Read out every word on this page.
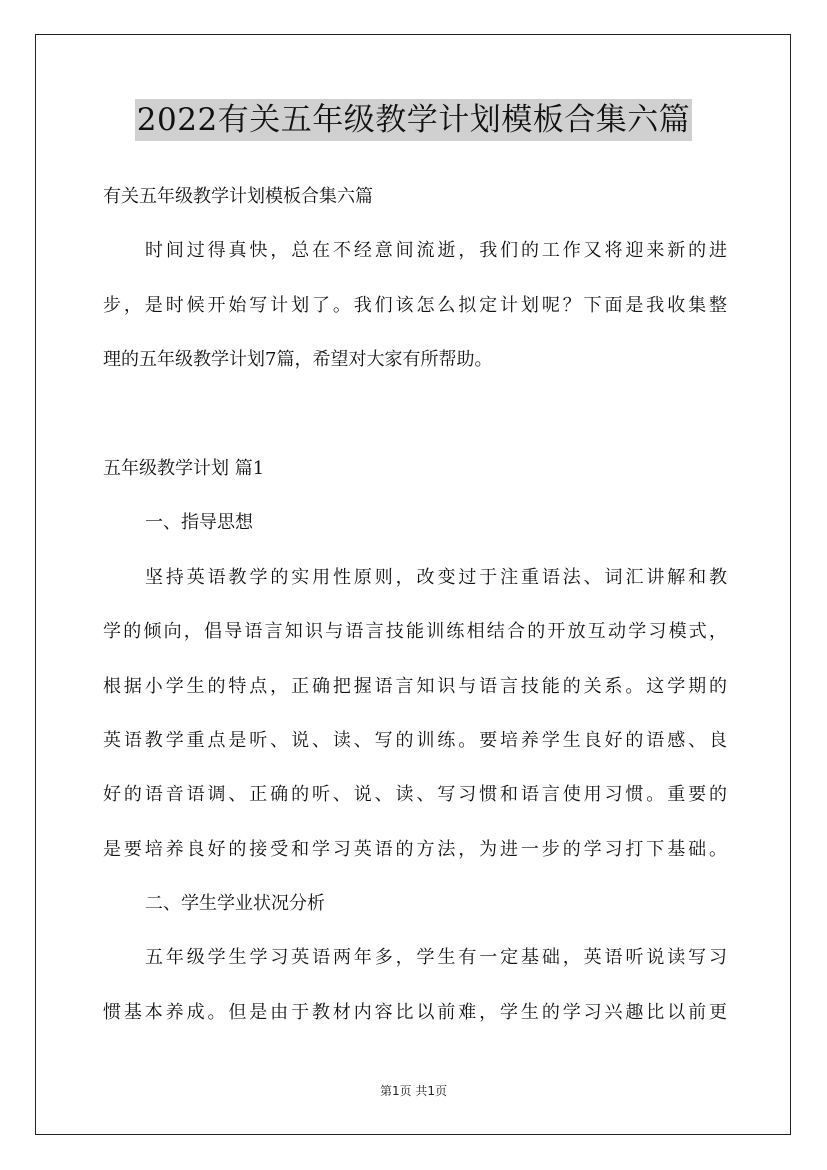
2022有关五年级教学计划模板合集六篇
有关五年级教学计划模板合集六篇
时间过得真快，总在不经意间流逝，我们的工作又将迎来新的进
步，是时候开始写计划了。我们该怎么拟定计划呢？下面是我收集整
理的五年级教学计划7篇，希望对大家有所帮助。
五年级教学计划 篇1
一、指导思想
坚持英语教学的实用性原则，改变过于注重语法、词汇讲解和教
学的倾向，倡导语言知识与语言技能训练相结合的开放互动学习模式，
根据小学生的特点，正确把握语言知识与语言技能的关系。这学期的
英语教学重点是听、说、读、写的训练。要培养学生良好的语感、良
好的语音语调、正确的听、说、读、写习惯和语言使用习惯。重要的
是要培养良好的接受和学习英语的方法，为进一步的学习打下基础。
二、学生学业状况分析
五年级学生学习英语两年多，学生有一定基础，英语听说读写习
惯基本养成。但是由于教材内容比以前难，学生的学习兴趣比以前更
第1页 共1页
